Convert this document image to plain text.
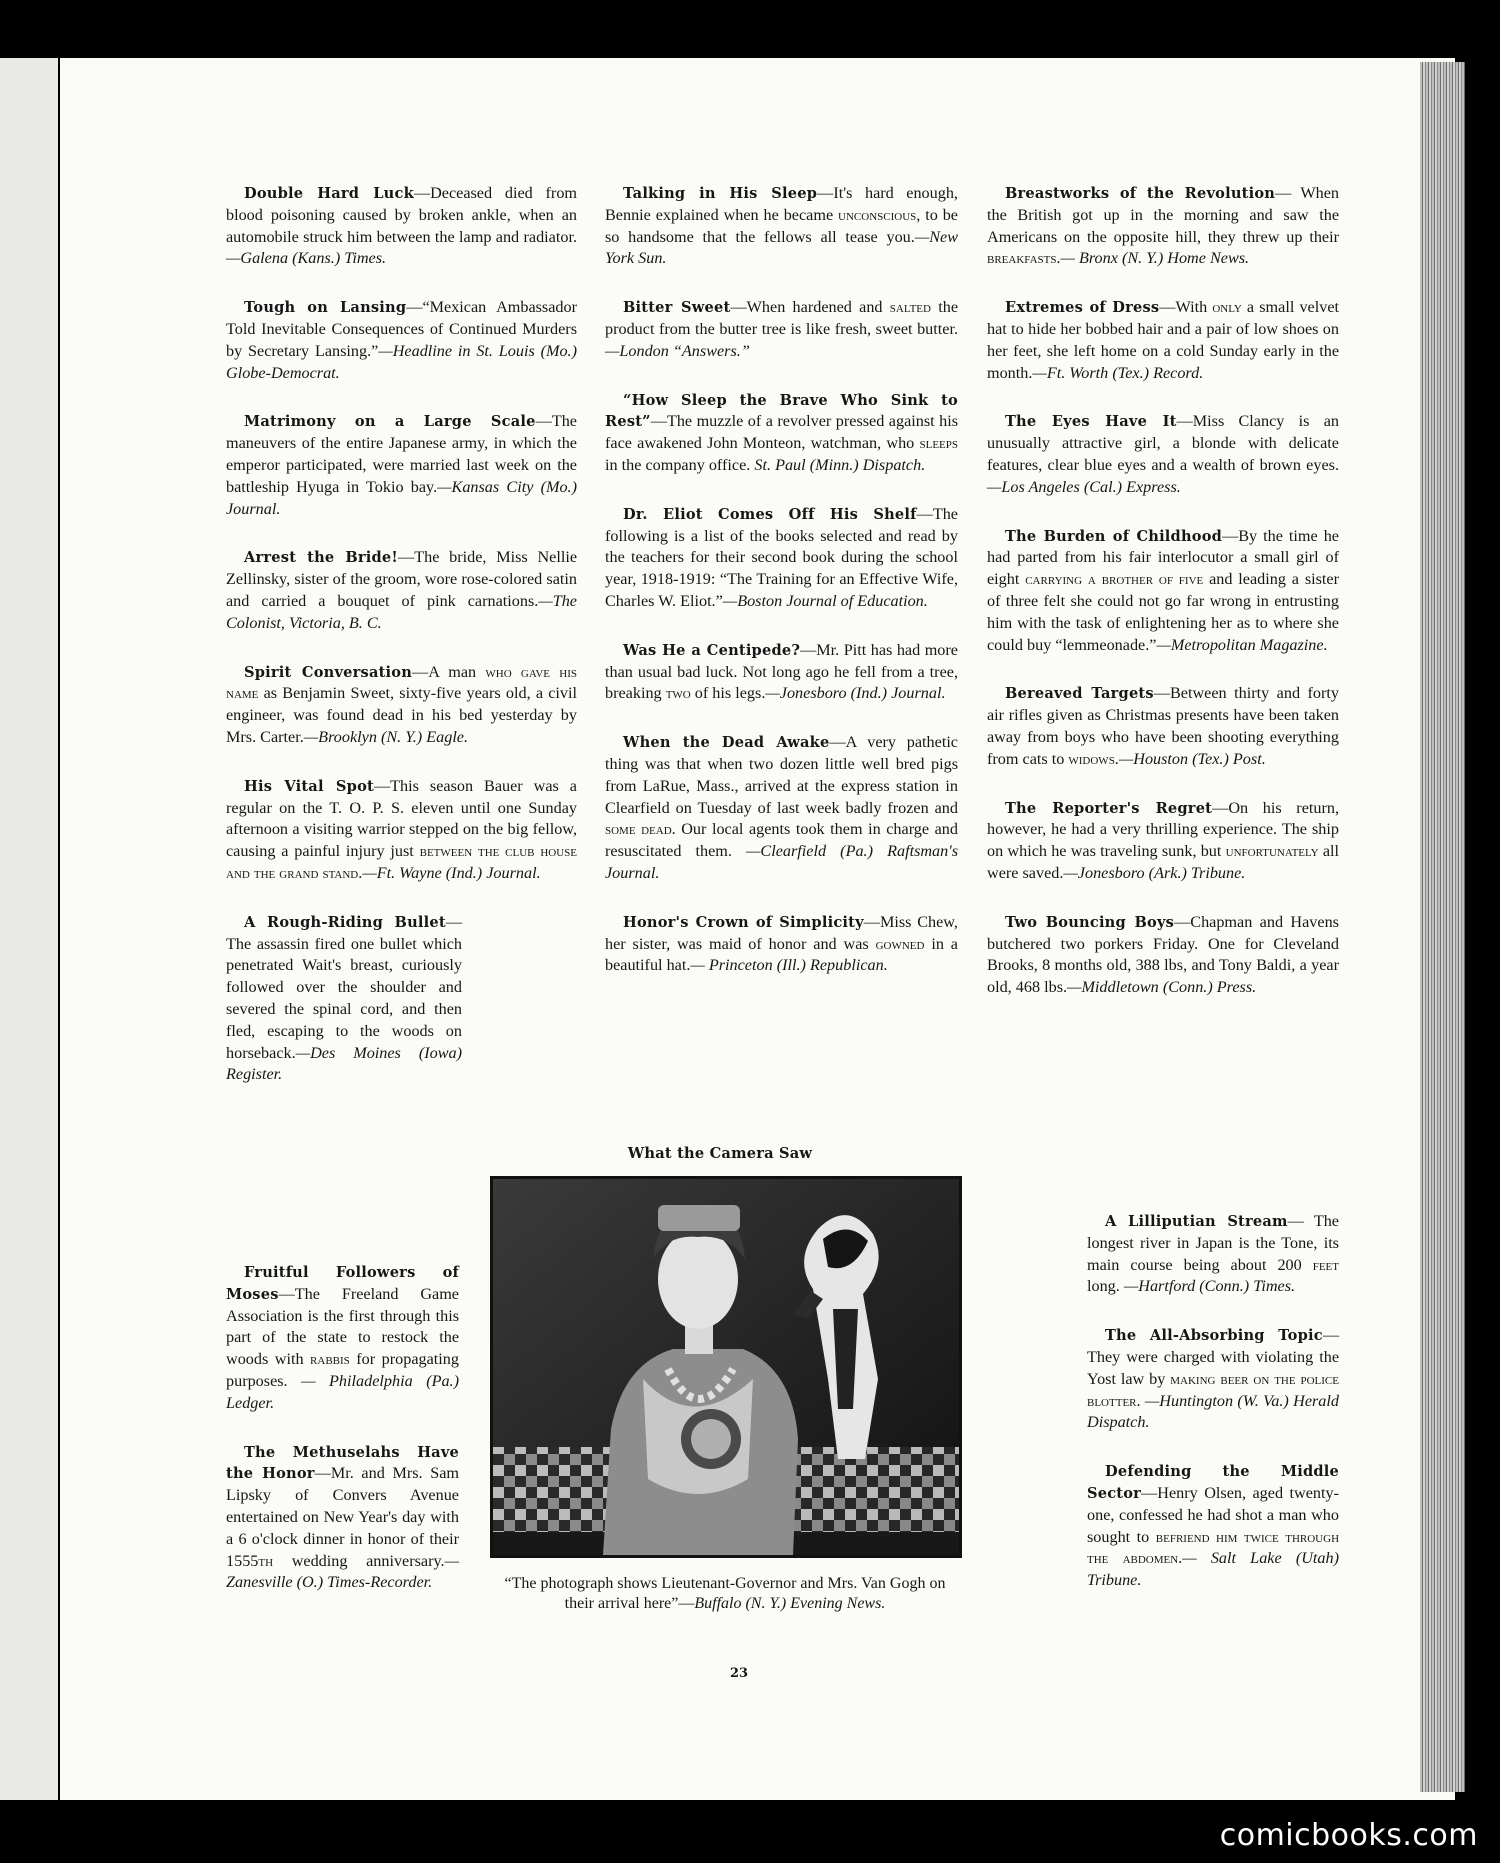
Double Hard Luck—Deceased died from blood poisoning caused by broken ankle, when an automobile struck him between the lamp and radiator.—Galena (Kans.) Times.

Tough on Lansing—“Mexican Ambassador Told Inevitable Consequences of Continued Murders by Secretary Lansing.”—Headline in St. Louis (Mo.) Globe-Democrat.

Matrimony on a Large Scale—The maneuvers of the entire Japanese army, in which the emperor participated, were married last week on the battleship Hyuga in Tokio bay.—Kansas City (Mo.) Journal.

Arrest the Bride!—The bride, Miss Nellie Zellinsky, sister of the groom, wore rose-colored satin and carried a bouquet of pink carnations.—The Colonist, Victoria, B. C.

Spirit Conversation—A man who gave his name as Benjamin Sweet, sixty-five years old, a civil engineer, was found dead in his bed yesterday by Mrs. Carter.—Brooklyn (N. Y.) Eagle.

His Vital Spot—This season Bauer was a regular on the T. O. P. S. eleven until one Sunday afternoon a visiting warrior stepped on the big fellow, causing a painful injury just between the club house and the grand stand.—Ft. Wayne (Ind.) Journal.

A Rough-Riding Bullet—The assassin fired one bullet which penetrated Wait's breast, curiously followed over the shoulder and severed the spinal cord, and then fled, escaping to the woods on horseback.—Des Moines (Iowa) Register.

Fruitful Followers of Moses—The Freeland Game Association is the first through this part of the state to restock the woods with rabbis for propagating purposes. — Philadelphia (Pa.) Ledger.

The Methuselahs Have the Honor—Mr. and Mrs. Sam Lipsky of Convers Avenue entertained on New Year's day with a 6 o'clock dinner in honor of their 1555th wedding anniversary.—Zanesville (O.) Times-Recorder.

Talking in His Sleep—It's hard enough, Bennie explained when he became unconscious, to be so handsome that the fellows all tease you.—New York Sun.

Bitter Sweet—When hardened and salted the product from the butter tree is like fresh, sweet butter.—London “Answers.”

“How Sleep the Brave Who Sink to Rest”—The muzzle of a revolver pressed against his face awakened John Monteon, watchman, who sleeps in the company office. St. Paul (Minn.) Dispatch.

Dr. Eliot Comes Off His Shelf—The following is a list of the books selected and read by the teachers for their second book during the school year, 1918-1919: “The Training for an Effective Wife, Charles W. Eliot.”—Boston Journal of Education.

Was He a Centipede?—Mr. Pitt has had more than usual bad luck. Not long ago he fell from a tree, breaking two of his legs.—Jonesboro (Ind.) Journal.

When the Dead Awake—A very pathetic thing was that when two dozen little well bred pigs from LaRue, Mass., arrived at the express station in Clearfield on Tuesday of last week badly frozen and some dead. Our local agents took them in charge and resuscitated them. —Clearfield (Pa.) Raftsman's Journal.

Honor's Crown of Simplicity—Miss Chew, her sister, was maid of honor and was gowned in a beautiful hat.— Princeton (Ill.) Republican.

Breastworks of the Revolution— When the British got up in the morning and saw the Americans on the opposite hill, they threw up their breakfasts.— Bronx (N. Y.) Home News.

Extremes of Dress—With only a small velvet hat to hide her bobbed hair and a pair of low shoes on her feet, she left home on a cold Sunday early in the month.—Ft. Worth (Tex.) Record.

The Eyes Have It—Miss Clancy is an unusually attractive girl, a blonde with delicate features, clear blue eyes and a wealth of brown eyes.—Los Angeles (Cal.) Express.

The Burden of Childhood—By the time he had parted from his fair interlocutor a small girl of eight carrying a brother of five and leading a sister of three felt she could not go far wrong in entrusting him with the task of enlightening her as to where she could buy “lemmeonade.”—Metropolitan Magazine.

Bereaved Targets—Between thirty and forty air rifles given as Christmas presents have been taken away from boys who have been shooting everything from cats to widows.—Houston (Tex.) Post.

The Reporter's Regret—On his return, however, he had a very thrilling experience. The ship on which he was traveling sunk, but unfortunately all were saved.—Jonesboro (Ark.) Tribune.

Two Bouncing Boys—Chapman and Havens butchered two porkers Friday. One for Cleveland Brooks, 8 months old, 388 lbs, and Tony Baldi, a year old, 468 lbs.—Middletown (Conn.) Press.

A Lilliputian Stream— The longest river in Japan is the Tone, its main course being about 200 feet long. —Hartford (Conn.) Times.

The All-Absorbing Topic—They were charged with violating the Yost law by making beer on the police blotter. —Huntington (W. Va.) Herald Dispatch.

Defending the Middle Sector—Henry Olsen, aged twenty-one, confessed he had shot a man who sought to befriend him twice through the abdomen.— Salt Lake (Utah) Tribune.

What the Camera Saw

“The photograph shows Lieutenant-Governor and Mrs. Van Gogh on their arrival here”—Buffalo (N. Y.) Evening News.

23
comicbooks.com
